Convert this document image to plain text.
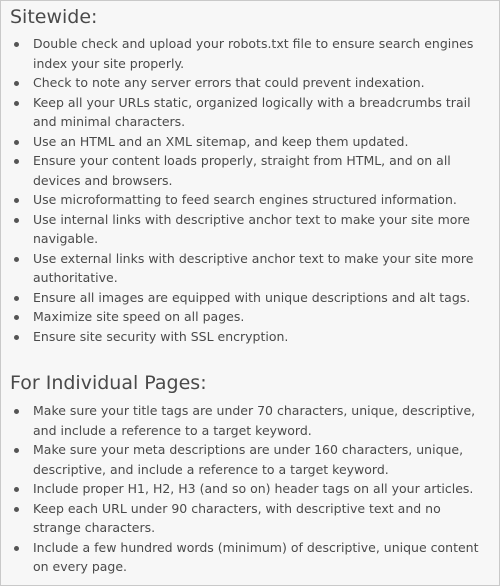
Sitewide:
Double check and upload your robots.txt file to ensure search engines index your site properly.
Check to note any server errors that could prevent indexation.
Keep all your URLs static, organized logically with a breadcrumbs trail and minimal characters.
Use an HTML and an XML sitemap, and keep them updated.
Ensure your content loads properly, straight from HTML, and on all devices and browsers.
Use microformatting to feed search engines structured information.
Use internal links with descriptive anchor text to make your site more navigable.
Use external links with descriptive anchor text to make your site more authoritative.
Ensure all images are equipped with unique descriptions and alt tags.
Maximize site speed on all pages.
Ensure site security with SSL encryption.
For Individual Pages:
Make sure your title tags are under 70 characters, unique, descriptive, and include a reference to a target keyword.
Make sure your meta descriptions are under 160 characters, unique, descriptive, and include a reference to a target keyword.
Include proper H1, H2, H3 (and so on) header tags on all your articles.
Keep each URL under 90 characters, with descriptive text and no strange characters.
Include a few hundred words (minimum) of descriptive, unique content on every page.
